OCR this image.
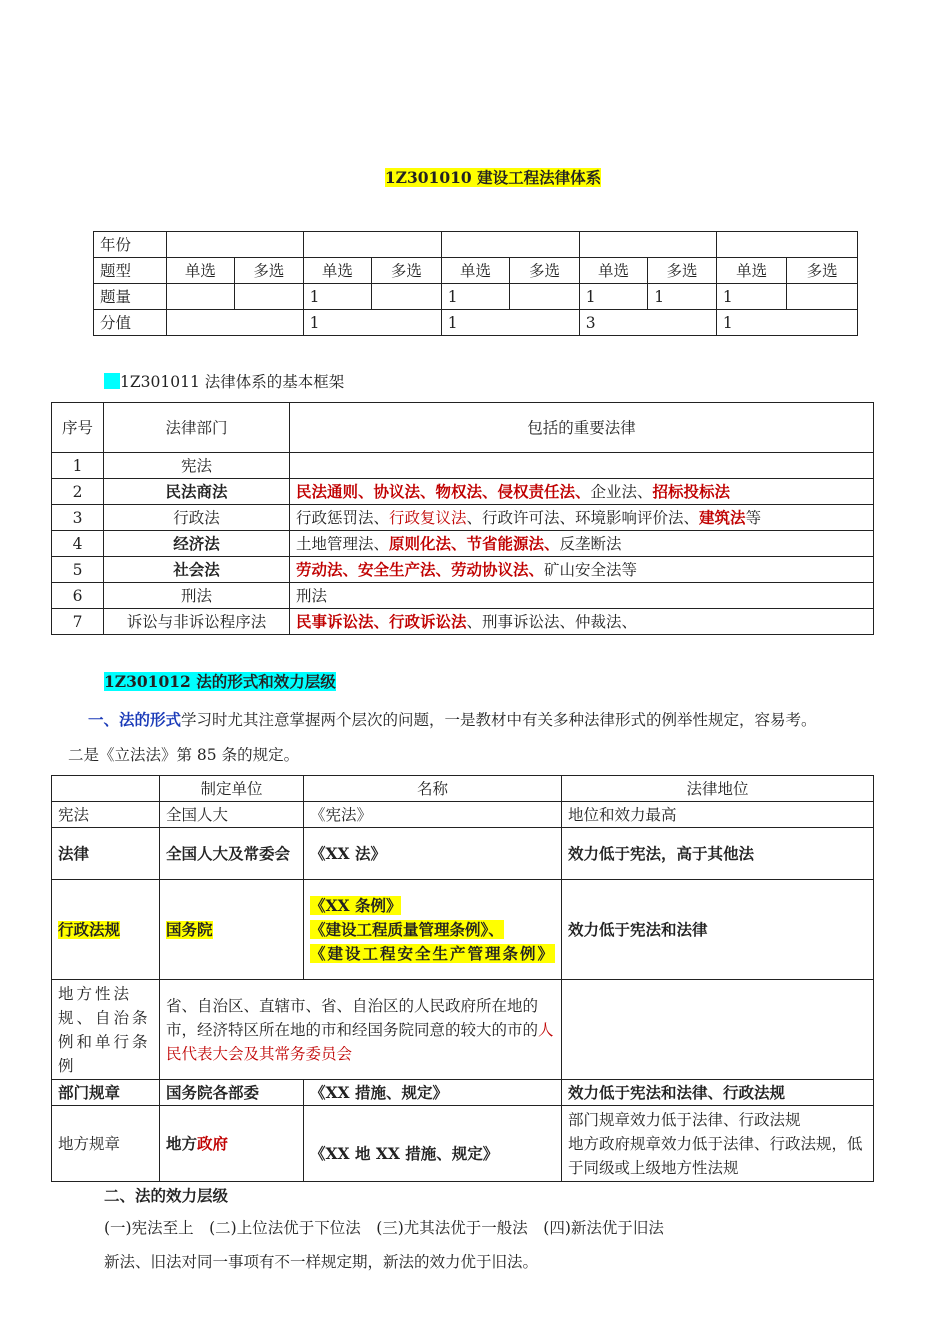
1Z301010 建设工程法律体系
年份										
题型	单选	多选	单选	多选	单选	多选	单选	多选	单选	多选
题量			1		1		1	1	1	
分值			1		1		3		1	
1Z301011 法律体系的基本框架
序号	法律部门	包括的重要法律
1	宪法	
2	民法商法	民法通则、协议法、物权法、侵权责任法、企业法、招标投标法
3	行政法	行政惩罚法、行政复议法、行政许可法、环境影响评价法、建筑法等
4	经济法	土地管理法、原则化法、节省能源法、反垄断法
5	社会法	劳动法、安全生产法、劳动协议法、矿山安全法等
6	刑法	刑法
7	诉讼与非诉讼程序法	民事诉讼法、行政诉讼法、刑事诉讼法、仲裁法、
1Z301012 法的形式和效力层级
一、法的形式学习时尤其注意掌握两个层次的问题，一是教材中有关多种法律形式的例举性规定，容易考。
二是《立法法》第 85 条的规定。
	制定单位	名称	法律地位
宪法	全国人大	《宪法》	地位和效力最高
法律	全国人大及常委会	《XX 法》	效力低于宪法，高于其他法
行政法规	国务院	《XX 条例》
《建设工程质量管理条例》、
《建设工程安全生产管理条例》	效力低于宪法和法律
地方性法规、自治条例和单行条例	省、自治区、直辖市、省、自治区的人民政府所在地的市，经济特区所在地的市和经国务院同意的较大的市的人民代表大会及其常务委员会		
部门规章	国务院各部委	《XX 措施、规定》	效力低于宪法和法律、行政法规
地方规章	地方政府	《XX 地 XX 措施、规定》	部门规章效力低于法律、行政法规
地方政府规章效力低于法律、行政法规，低于同级或上级地方性法规
二、法的效力层级
(一)宪法至上　(二)上位法优于下位法　(三)尤其法优于一般法　(四)新法优于旧法
新法、旧法对同一事项有不一样规定期，新法的效力优于旧法。
